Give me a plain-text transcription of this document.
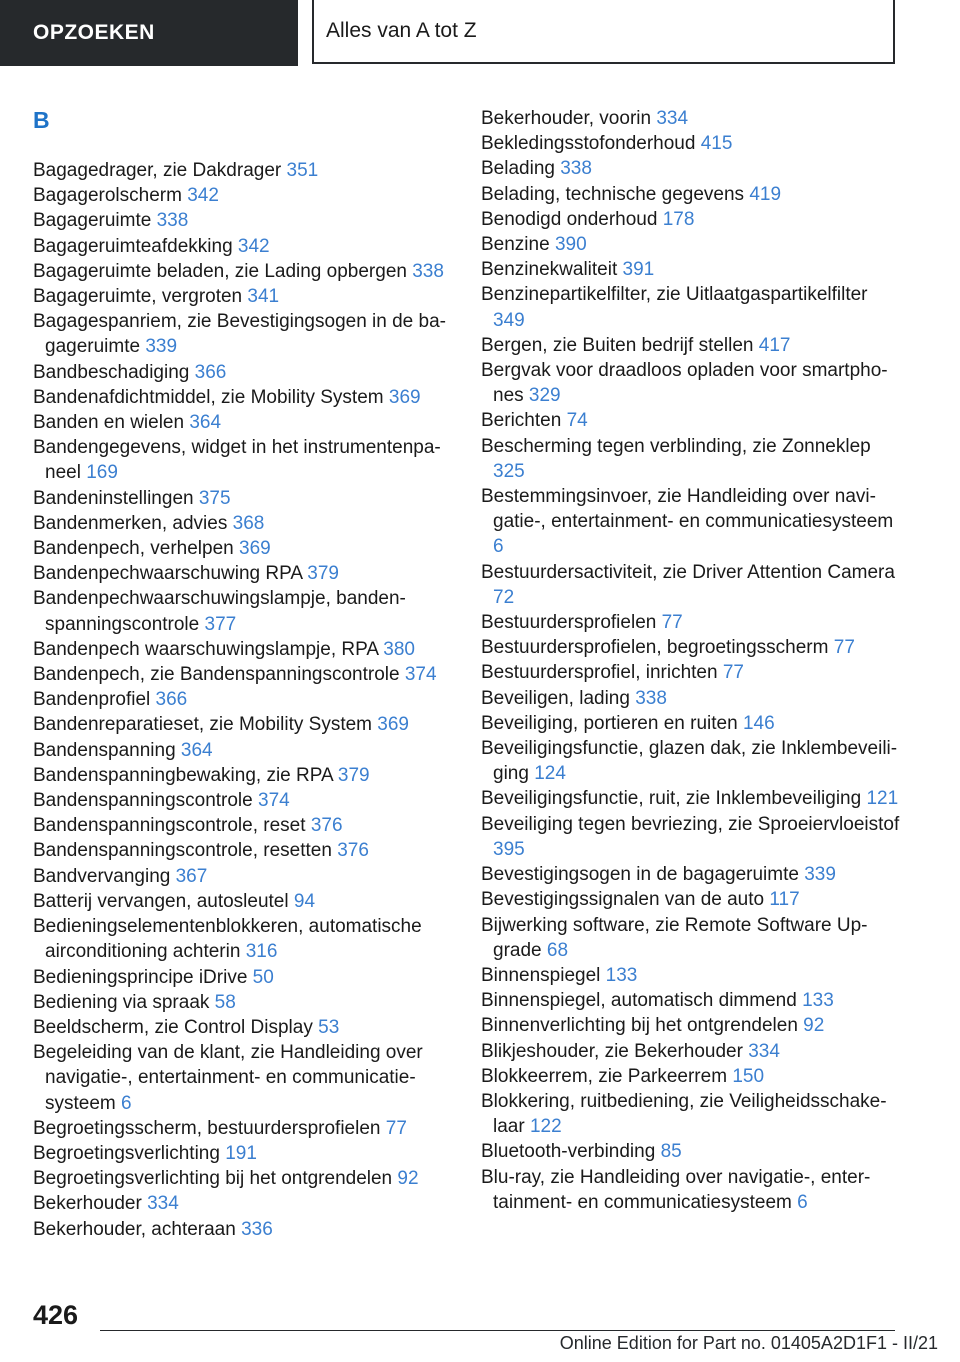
OPZOEKEN	Alles van A tot Z
B
Bagagedrager, zie Dakdrager 351
Bagagerolscherm 342
Bagageruimte 338
Bagageruimteafdekking 342
Bagageruimte beladen, zie Lading opbergen 338
Bagageruimte, vergroten 341
Bagagespanriem, zie Bevestigingsogen in de bagageruimte 339
Bandbeschadiging 366
Bandenafdichtmiddel, zie Mobility System 369
Banden en wielen 364
Bandengegevens, widget in het instrumentenpaneel 169
Bandeninstellingen 375
Bandenmerken, advies 368
Bandenpech, verhelpen 369
Bandenpechwaarschuwing RPA 379
Bandenpechwaarschuwingslampje, bandenspanningscontrole 377
Bandenpech waarschuwingslampje, RPA 380
Bandenpech, zie Bandenspanningscontrole 374
Bandenprofiel 366
Bandenreparatieset, zie Mobility System 369
Bandenspanning 364
Bandenspanningbewaking, zie RPA 379
Bandenspanningscontrole 374
Bandenspanningscontrole, reset 376
Bandenspanningscontrole, resetten 376
Bandvervanging 367
Batterij vervangen, autosleutel 94
Bedieningselementenblokkeren, automatische airconditioning achterin 316
Bedieningsprincipe iDrive 50
Bediening via spraak 58
Beeldscherm, zie Control Display 53
Begeleiding van de klant, zie Handleiding over navigatie-, entertainment- en communicatiesysteem 6
Begroetingsscherm, bestuurdersprofielen 77
Begroetingsverlichting 191
Begroetingsverlichting bij het ontgrendelen 92
Bekerhouder 334
Bekerhouder, achteraan 336
Bekerhouder, voorin 334
Bekledingsstofonderhoud 415
Belading 338
Belading, technische gegevens 419
Benodigd onderhoud 178
Benzine 390
Benzinekwaliteit 391
Benzinepartikelfilter, zie Uitlaatgaspartikelfilter 349
Bergen, zie Buiten bedrijf stellen 417
Bergvak voor draadloos opladen voor smartphones 329
Berichten 74
Bescherming tegen verblinding, zie Zonneklep 325
Bestemmingsinvoer, zie Handleiding over navigatie-, entertainment- en communicatiesysteem 6
Bestuurdersactiviteit, zie Driver Attention Camera 72
Bestuurdersprofielen 77
Bestuurdersprofielen, begroetingsscherm 77
Bestuurdersprofiel, inrichten 77
Beveiligen, lading 338
Beveiliging, portieren en ruiten 146
Beveiligingsfunctie, glazen dak, zie Inklembeveiliging 124
Beveiligingsfunctie, ruit, zie Inklembeveiliging 121
Beveiliging tegen bevriezing, zie Sproeiervloeistof 395
Bevestigingsogen in de bagageruimte 339
Bevestigingssignalen van de auto 117
Bijwerking software, zie Remote Software Upgrade 68
Binnenspiegel 133
Binnenspiegel, automatisch dimmend 133
Binnenverlichting bij het ontgrendelen 92
Blikjeshouder, zie Bekerhouder 334
Blokkeerrem, zie Parkeerrem 150
Blokkering, ruitbediening, zie Veiligheidsschakelaar 122
Bluetooth-verbinding 85
Blu-ray, zie Handleiding over navigatie-, entertainment- en communicatiesysteem 6
426
Online Edition for Part no. 01405A2D1F1 - II/21
